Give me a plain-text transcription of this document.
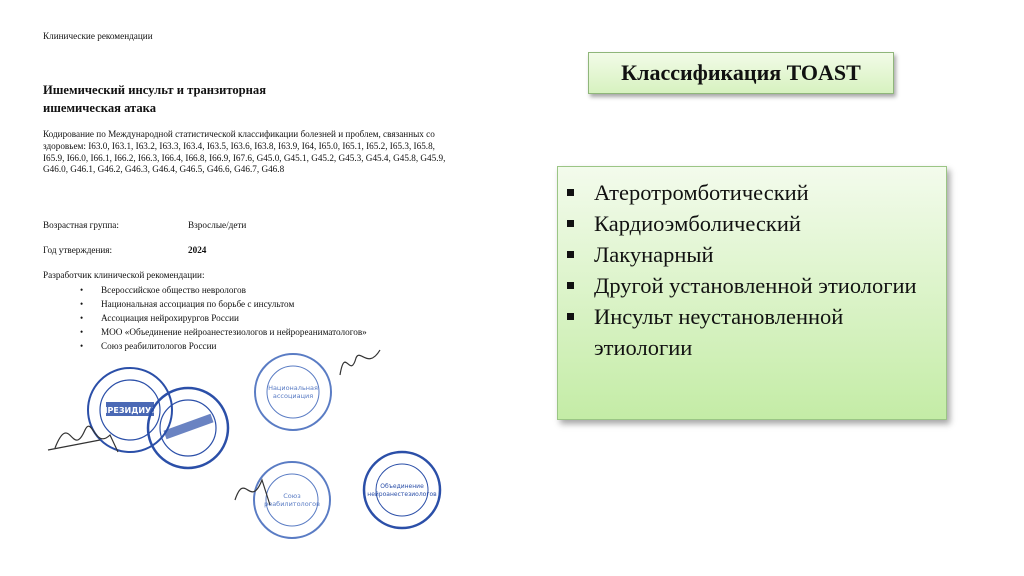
Клинические рекомендации
Ишемический инсульт и транзиторная ишемическая атака
Кодирование по Международной статистической классификации болезней и проблем, связанных со здоровьем: I63.0, I63.1, I63.2, I63.3, I63.4, I63.5, I63.6, I63.8, I63.9, I64, I65.0, I65.1, I65.2, I65.3, I65.8, I65.9, I66.0, I66.1, I66.2, I66.3, I66.4, I66.8, I66.9, I67.6, G45.0, G45.1, G45.2, G45.3, G45.4, G45.8, G45.9, G46.0, G46.1, G46.2, G46.3, G46.4, G46.5, G46.6, G46.7, G46.8
Возрастная группа:	Взрослые/дети
Год утверждения:	2024
Разработчик клинической рекомендации:
• Всероссийское общество неврологов
• Национальная ассоциация по борьбе с инсультом
• Ассоциация нейрохирургов России
• МОО «Объединение нейроанестезиологов и нейрореаниматологов»
• Союз реабилитологов России
ПРЕЗИДИУМ
Национальная
ассоциация
Союз
реабилитологов
Объединение
нейроанестезиологов
Классификация TOAST
Атеротромботический
Кардиоэмболический
Лакунарный
Другой установленной этиологии
Инсульт неустановленной этиологии
